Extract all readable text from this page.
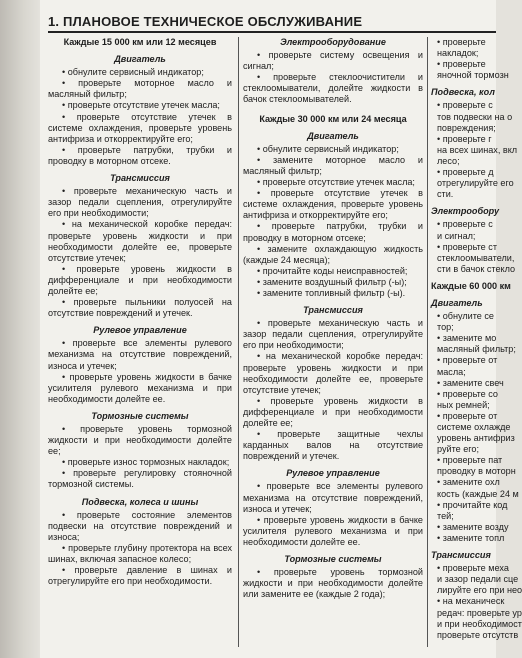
1. ПЛАНОВОЕ ТЕХНИЧЕСКОЕ ОБСЛУЖИВАНИЕ
Каждые 15 000 км или 12 месяцев
Двигатель

• обнулите сервисный индикатор;

• проверьте моторное масло и масляный фильтр;

• проверьте отсутствие утечек масла;

• проверьте отсутствие утечек в системе охлаждения, проверьте уровень антифриза и откорректируйте его;

• проверьте патрубки, трубки и проводку в моторном отсеке.

Трансмиссия

• проверьте механическую часть и зазор педали сцепления, отрегулируйте его при необходимости;

• на механической коробке передач: проверьте уровень жидкости и при необходимости долейте ее, проверьте отсутствие утечек;

• проверьте уровень жидкости в дифференциале и при необходимости долейте ее;

• проверьте пыльники полуосей на отсутствие повреждений и утечек.

Рулевое управление

• проверьте все элементы рулевого механизма на отсутствие повреждений, износа и утечек;

• проверьте уровень жидкости в бачке усилителя рулевого механизма и при необходимости долейте ее.

Тормозные системы

• проверьте уровень тормозной жидкости и при необходимости долейте ее;

• проверьте износ тормозных накладок;

• проверьте регулировку стояночной тормозной системы.

Подвеска, колеса и шины

• проверьте состояние элементов подвески на отсутствие повреждений и износа;

• проверьте глубину протектора на всех шинах, включая запасное колесо;

• проверьте давление в шинах и отрегулируйте его при необходимости.

Электрооборудование

• проверьте систему освещения и сигнал;

• проверьте стеклоочистители и стеклоомыватели, долейте жидкости в бачок стеклоомывателей.

Каждые 30 000 км или 24 месяца
Двигатель

• обнулите сервисный индикатор;

• замените моторное масло и масляный фильтр;

• проверьте отсутствие утечек масла;

• проверьте отсутствие утечек в системе охлаждения, проверьте уровень антифриза и откорректируйте его;

• проверьте патрубки, трубки и проводку в моторном отсеке;

• замените охлаждающую жидкость (каждые 24 месяца);

• прочитайте коды неисправностей;

• замените воздушный фильтр (-ы);

• замените топливный фильтр (-ы).

Трансмиссия

• проверьте механическую часть и зазор педали сцепления, отрегулируйте его при необходимости;

• на механической коробке передач: проверьте уровень жидкости и при необходимости долейте ее, проверьте отсутствие утечек;

• проверьте уровень жидкости в дифференциале и при необходимости долейте ее;

• проверьте защитные чехлы карданных валов на отсутствие повреждений и утечек.

Рулевое управление

• проверьте все элементы рулевого механизма на отсутствие повреждений, износа и утечек;

• проверьте уровень жидкости в бачке усилителя рулевого механизма и при необходимости долейте ее.

Тормозные системы

• проверьте уровень тормозной жидкости и при необходимости долейте или замените ее (каждые 2 года);

• проверьте

накладок;

• проверьте

яночной тормозн

Подвеска, кол

• проверьте с

тов подвески на о

повреждения;

• проверьте г

на всех шинах, вкл

лесо;

• проверьте д

отрегулируйте его

сти.

Электрообору

• проверьте с

и сигнал;

• проверьте ст

стеклоомыватели,

сти в бачок стекло

Каждые 60 000 км
Двигатель

• обнулите се

тор;

• замените мо

масляный фильтр;

• проверьте от

масла;

• замените свеч

• проверьте со

ных ремней;

• проверьте от

системе охлажде

уровень антифриз

руйте его;

• проверьте пат

проводку в моторн

• замените охл

кость (каждые 24 м

• прочитайте код

тей;

• замените возду

• замените топл

Трансмиссия

• проверьте меха

и зазор педали сце

лируйте его при нео

• на механическ

редач: проверьте ур

и при необходимост

проверьте отсутств
